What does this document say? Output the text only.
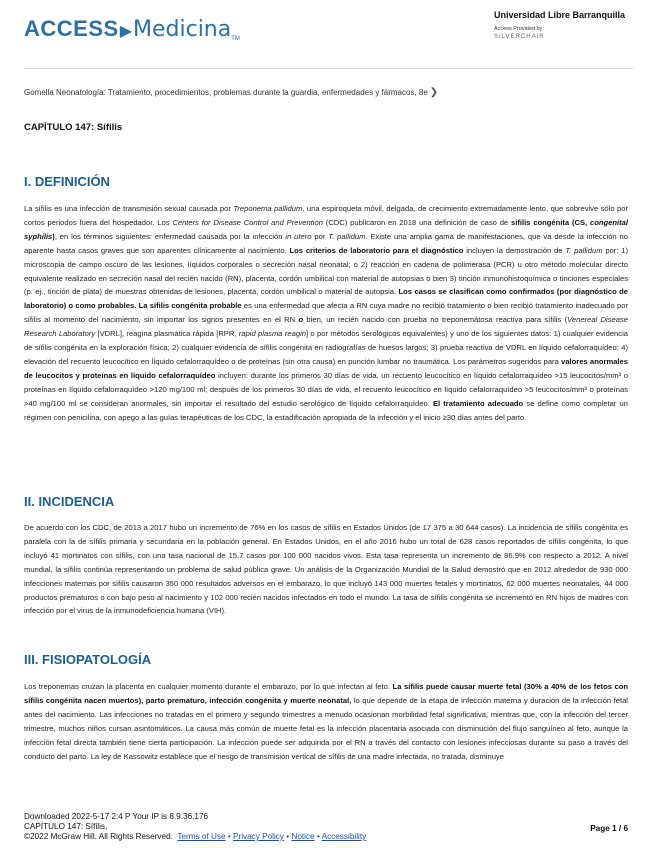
ACCESS▶MedicinaTM
Universidad Libre Barranquilla
Access Provided by:
SILVERCHAIR
Gomella Neonatología: Tratamiento, procedimientos, problemas durante la guardia, enfermedades y fármacos, 8e ❯
CAPÍTULO 147: Sífilis
I. DEFINICIÓN

La sífilis es una infección de transmisión sexual causada por Treponema pallidum, una espiroqueta móvil, delgada, de crecimiento extremadamente lento, que sobrevive sólo por cortos periodos fuera del hospedador. Los Centers for Disease Control and Prevention (CDC) publicaron en 2018 una definición de caso de sífilis congénita (CS, congenital syphilis), en los términos siguientes: enfermedad causada por la infección in utero por T. pallidum. Existe una amplia gama de manifestaciones, que va desde la infección no aparente hasta casos graves que son aparentes clínicamente al nacimiento. Los criterios de laboratorio para el diagnóstico incluyen la demostración de T. pallidum por: 1) microscopia de campo oscuro de las lesiones, líquidos corporales o secreción nasal neonatal; o 2) reacción en cadena de polimerasa (PCR) u otro método molecular directo equivalente realizado en secreción nasal del recién nacido (RN), placenta, cordón umbilical con material de autopsias o bien 3) tinción inmunohistoquímica o tinciones especiales (p. ej., tinción de plata) de muestras obtenidas de lesiones, placenta, cordón umbilical o material de autopsia. Los casos se clasifican como confirmados (por diagnóstico de laboratorio) o como probables. La sífilis congénita probable es una enfermedad que afecta a RN cuya madre no recibió tratamiento o bien recibió tratamiento inadecuado por sífilis al momento del nacimiento, sin importar los signos presentes en el RN o bien, un recién nacido con prueba no treponemátosa reactiva para sífilis (Venereal Disease Research Laboratory [VDRL], reagina plasmática rápida [RPR, rapid plasma reagin] o por métodos serológicos equivalentes) y uno de los siguientes datos: 1) cualquier evidencia de sífilis congénita en la exploración física; 2) cualquier evidencia de sífilis congénita en radiografías de huesos largos; 3) prueba reactiva de VDRL en líquido cefalorraquídeo; 4) elevación del recuento leucocítico en líquido cefalorraquídeo o de proteínas (sin otra causa) en punción lumbar no traumática. Los parámetros sugeridos para valores anormales de leucocitos y proteínas en líquido cefalorraquídeo incluyen: durante los primeros 30 días de vida, un recuento leucocítico en líquido cefalorraquídeo >15 leucocitos/mm³ o proteínas en líquido cefalorraquídeo >120 mg/100 ml; después de los primeros 30 días de vida, el recuento leucocítico en líquido cefalorraquídeo >5 leucocitos/mm³ o proteínas >40 mg/100 ml se consideran anormales, sin importar el resultado del estudio serológico de líquido cefalorraquídeo. El tratamiento adecuado se define como completar un régimen con penicilina, con apego a las guías terapéuticas de los CDC, la estadificación apropiada de la infección y el inicio ≥30 días antes del parto.

II. INCIDENCIA

De acuerdo con los CDC, de 2013 a 2017 hubo un incremento de 76% en los casos de sífilis en Estados Unidos (de 17 375 a 30 644 casos). La incidencia de sífilis congénita es paralela con la de sífilis primaria y secundaria en la población general. En Estados Unidos, en el año 2016 hubo un total de 628 casos reportados de sífilis congénita, lo que incluyó 41 mortinatos con sífilis, con una tasa nacional de 15.7 casos por 100 000 nacidos vivos. Esta tasa representa un incremento de 86.9% con respecto a 2012. A nivel mundial, la sífilis continúa representando un problema de salud pública grave. Un análisis de la Organización Mundial de la Salud demostró que en 2012 alrededor de 930 000 infecciones maternas por sífilis causaron 350 000 resultados adversos en el embarazo, lo que incluyó 143 000 muertes fetales y mortinatos, 62 000 muertes neonatales, 44 000 productos prematuros o con bajo peso al nacimiento y 102 000 recién nacidos infectados en todo el mundo. La tasa de sífilis congénita se incrementó en RN hijos de madres con infección por el virus de la inmunodeficiencia humana (VIH).

III. FISIOPATOLOGÍA

Los treponemas cruzan la placenta en cualquier momento durante el embarazo, por lo que infectan al feto. La sífilis puede causar muerte fetal (30% a 40% de los fetos con sífilis congénita nacen muertos), parto prematuro, infección congénita y muerte neonatal, lo que depende de la etapa de infección materna y duración de la infección fetal antes del nacimiento. Las infecciones no tratadas en el primero y segundo trimestres a menudo ocasionan morbilidad fetal significativa, mientras que, con la infección del tercer trimestre, muchos niños cursan asintomáticos. La causa más común de muerte fetal es la infección placentaria asociada con disminución del flujo sanguíneo al feto, aunque la infección fetal directa también tiene cierta participación. La infección puede ser adquirida por el RN a través del contacto con lesiones infecciosas durante su paso a través del conducto del parto. La ley de Kassowitz establece que el riesgo de transmisión vertical de sífilis de una madre infectada, no tratada, disminuye

Downloaded 2022-5-17 2:4 P Your IP is 8.9.36.176
CAPÍTULO 147: Sífilis,
©2022 McGraw Hill. All Rights Reserved. Terms of Use • Privacy Policy • Notice • Accessibility
Page 1 / 6
